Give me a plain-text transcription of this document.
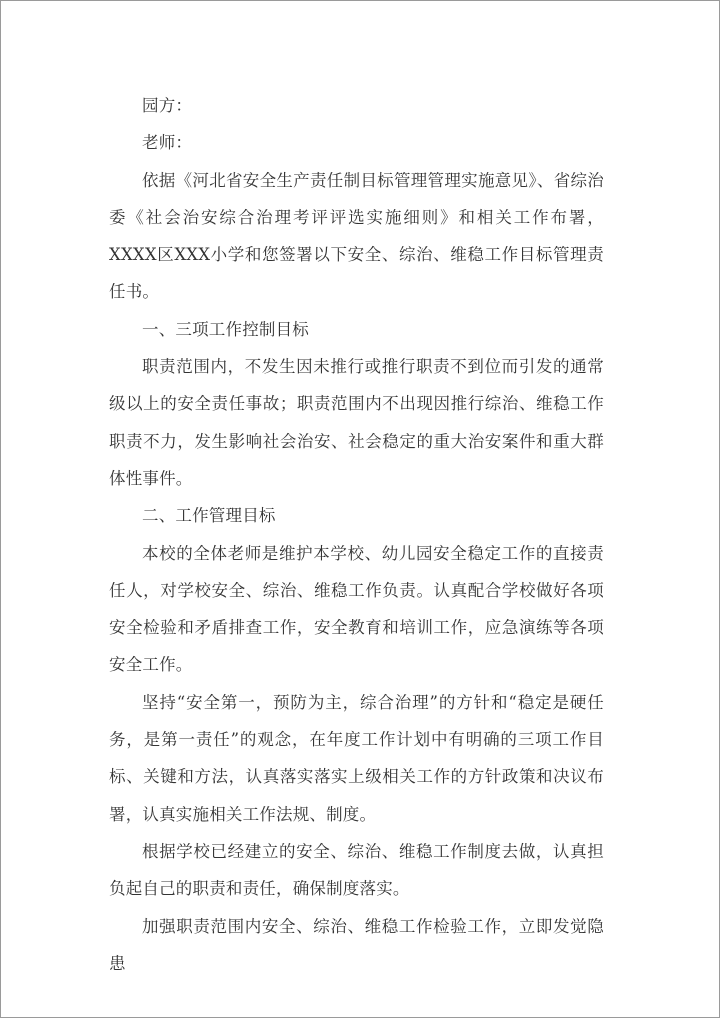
园方：

老师：

依据《河北省安全生产责任制目标管理管理实施意见》、省综治委《社会治安综合治理考评评选实施细则》和相关工作布署，XXXX区XXX小学和您签署以下安全、综治、维稳工作目标管理责任书。

一、三项工作控制目标

职责范围内，不发生因未推行或推行职责不到位而引发的通常级以上的安全责任事故；职责范围内不出现因推行综治、维稳工作职责不力，发生影响社会治安、社会稳定的重大治安案件和重大群体性事件。

二、工作管理目标

本校的全体老师是维护本学校、幼儿园安全稳定工作的直接责任人，对学校安全、综治、维稳工作负责。认真配合学校做好各项安全检验和矛盾排查工作，安全教育和培训工作，应急演练等各项安全工作。

坚持“安全第一，预防为主，综合治理”的方针和“稳定是硬任务，是第一责任”的观念，在年度工作计划中有明确的三项工作目标、关键和方法，认真落实落实上级相关工作的方针政策和决议布署，认真实施相关工作法规、制度。

根据学校已经建立的安全、综治、维稳工作制度去做，认真担负起自己的职责和责任，确保制度落实。

加强职责范围内安全、综治、维稳工作检验工作，立即发觉隐患
